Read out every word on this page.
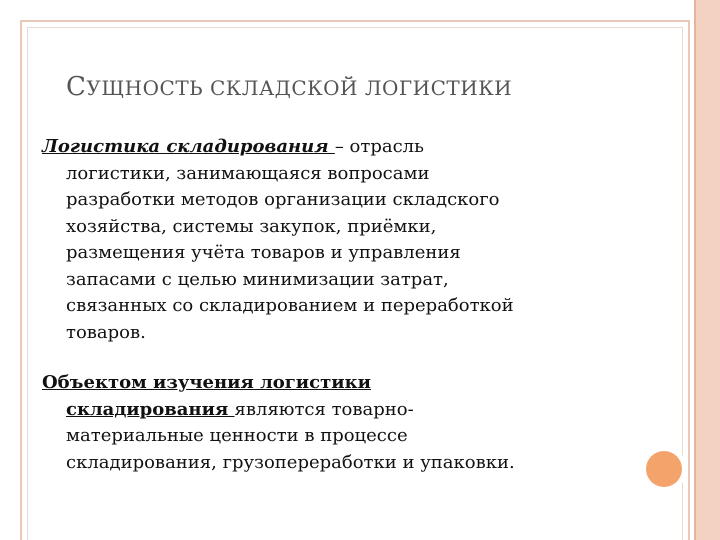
СУЩНОСТЬ СКЛАДСКОЙ ЛОГИСТИКИ
Логистика складирования – отрасль
логистики, занимающаяся вопросами
разработки методов организации складского
хозяйства, системы закупок, приёмки,
размещения учёта товаров и управления
запасами с целью минимизации затрат,
связанных со складированием и переработкой
товаров.
Объектом изучения логистики
складирования являются товарно-
материальные ценности в процессе
складирования, грузопереработки и упаковки.
